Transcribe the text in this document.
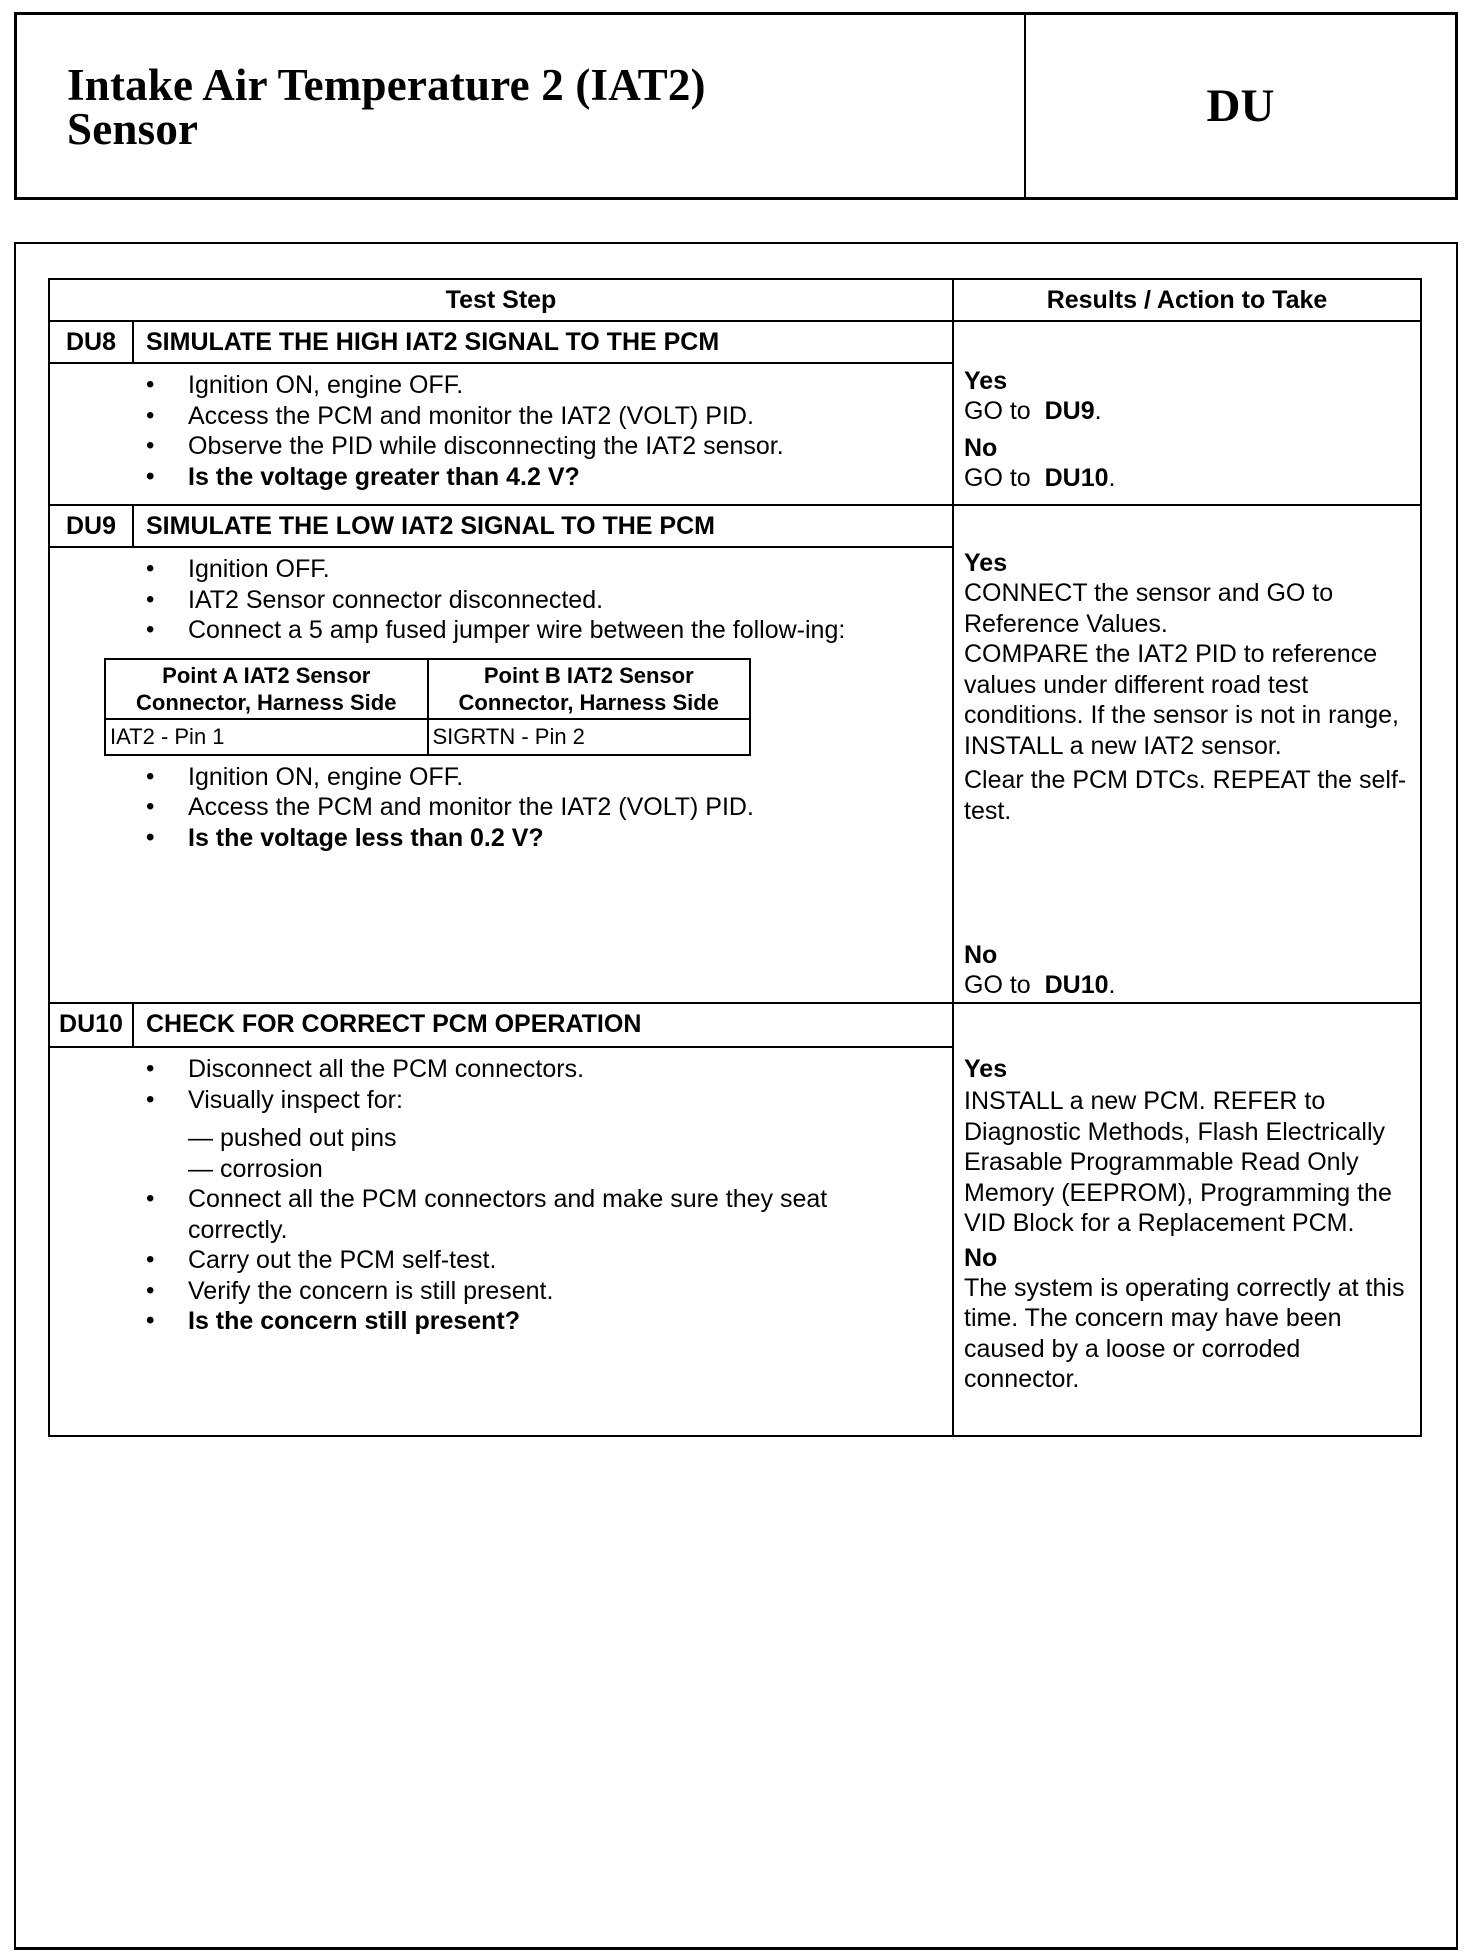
Intake Air Temperature 2 (IAT2)
Sensor	DU
Test Step	Results / Action to Take
DU8	SIMULATE THE HIGH IAT2 SIGNAL TO THE PCM
• Ignition ON, engine OFF.
• Access the PCM and monitor the IAT2 (VOLT) PID.
• Observe the PID while disconnecting the IAT2 sensor.
• Is the voltage greater than 4.2 V?
Yes
GO to DU9.
No
GO to DU10.
DU9	SIMULATE THE LOW IAT2 SIGNAL TO THE PCM
• Ignition OFF.
• IAT2 Sensor connector disconnected.
• Connect a 5 amp fused jumper wire between the follow-ing:
Point A IAT2 Sensor Connector, Harness Side	Point B IAT2 Sensor Connector, Harness Side
IAT2 - Pin 1	SIGRTN - Pin 2
• Ignition ON, engine OFF.
• Access the PCM and monitor the IAT2 (VOLT) PID.
• Is the voltage less than 0.2 V?
Yes
CONNECT the sensor and GO to Reference Values.
COMPARE the IAT2 PID to reference values under different road test conditions. If the sensor is not in range, INSTALL a new IAT2 sensor.
Clear the PCM DTCs. REPEAT the self-test.
No
GO to DU10.
DU10 CHECK FOR CORRECT PCM OPERATION
• Disconnect all the PCM connectors.
• Visually inspect for:
— pushed out pins
— corrosion
• Connect all the PCM connectors and make sure they seat correctly.
• Carry out the PCM self-test.
• Verify the concern is still present.
• Is the concern still present?
Yes
INSTALL a new PCM. REFER to Diagnostic Methods, Flash Electrically Erasable Programmable Read Only Memory (EEPROM), Programming the VID Block for a Replacement PCM.
No
The system is operating correctly at this time. The concern may have been caused by a loose or corroded connector.
